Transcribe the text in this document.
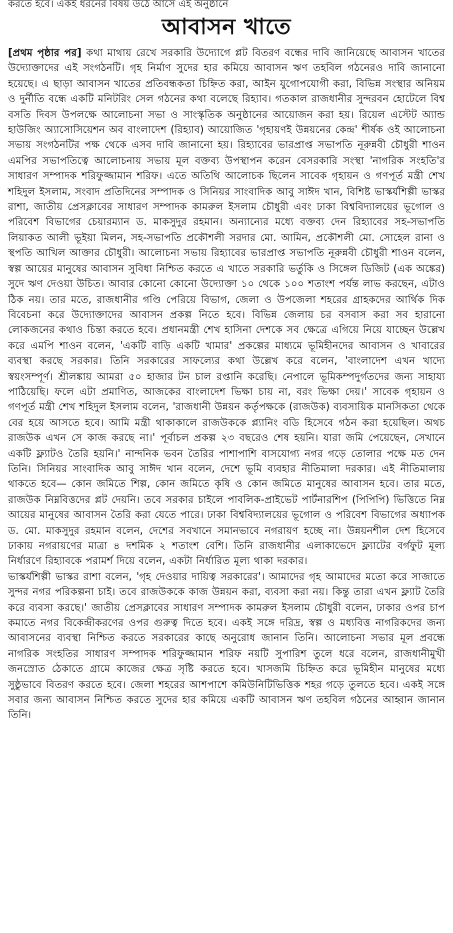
করতে হবে। একই ধরনের বিষয় উঠে আসে এই অনুষ্ঠানে
আবাসন খাতে

[প্রথম পৃষ্ঠার পর] কথা মাথায় রেখে সরকারি উদ্যোগে প্লট বিতরণ বন্ধের দাবি জানিয়েছে আবাসন খাতের উদ্যোক্তাদের এই সংগঠনটি। গৃহ নির্মাণ সুদের হার কমিয়ে আবাসন ঋণ তহবিল গঠনেরও দাবি জানানো হয়েছে। এ ছাড়া আবাসন খাতের প্রতিবন্ধকতা চিহ্নিত করা, আইন যুগোপযোগী করা, বিভিন্ন সংস্থার অনিয়ম ও দুর্নীতি বন্ধে একটি মনিটরিং সেল গঠনের কথা বলেছে রিহ্যাব। গতকাল রাজধানীর সুন্দরবন হোটেলে বিশ্ব বসতি দিবস উপলক্ষে আলোচনা সভা ও সাংস্কৃতিক অনুষ্ঠানের আয়োজন করা হয়। রিয়েল এস্টেট অ্যান্ড হাউজিং অ্যাসোসিয়েশন অব বাংলাদেশ (রিহ্যাব) আয়োজিত 'গৃহায়ণই উন্নয়নের কেন্দ্র' শীর্ষক ওই আলোচনা সভায় সংগঠনটির পক্ষ থেকে এসব দাবি জানানো হয়। রিহ্যাবের ভারপ্রাপ্ত সভাপতি নূরুন্নবী চৌধুরী শাওন এমপির সভাপতিত্বে আলোচনায় সভায় মূল বক্তব্য উপস্থাপন করেন বেসরকারি সংস্থা 'নাগরিক সংহতি'র সাধারণ সম্পাদক শরিফুজ্জামান শরিফ। এতে অতিথি আলোচক ছিলেন সাবেক গৃহায়ন ও গণপূর্ত মন্ত্রী শেখ শহিদুল ইসলাম, সংবাদ প্রতিদিনের সম্পাদক ও সিনিয়র সাংবাদিক আবু সাঈদ খান, বিশিষ্ট ভাস্কর্যশিল্পী ভাস্কর রাশা, জাতীয় প্রেসক্লাবের সাধারণ সম্পাদক কামরুল ইসলাম চৌধুরী এবং ঢাকা বিশ্ববিদ্যালয়ের ভূগোল ও পরিবেশ বিভাগের চেয়ারম্যান ড. মাকসুদুর রহমান। অন্যান্যের মধ্যে বক্তব্য দেন রিহ্যাবের সহ-সভাপতি লিয়াকত আলী ভূইয়া মিলন, সহ-সভাপতি প্রকৌশলী সরদার মো. আমিন, প্রকৌশলী মো. সোহেল রানা ও স্থপতি আখিল আক্তার চৌধুরী। আলোচনা সভায় রিহ্যাবের ভারপ্রাপ্ত সভাপতি নূরুন্নবী চৌধুরী শাওন বলেন, স্বল্প আয়ের মানুষের আবাসন সুবিধা নিশ্চিত করতে এ খাতে সরকারি ভর্তুকি ও সিঙ্গেল ডিজিট (এক অঙ্কের) সুদে ঋণ দেওয়া উচিত। আবার কোনো কোনো উদ্যোক্তা ১০ থেকে ১০০ শতাংশ পর্যন্ত লাভ করছেন, এটাও ঠিক নয়। তার মতে, রাজধানীর গণ্ডি পেরিয়ে বিভাগ, জেলা ও উপজেলা শহরের গ্রাহকদের আর্থিক দিক বিবেচনা করে উদ্যোক্তাদের আবাসন প্রকল্প নিতে হবে। বিভিন্ন জেলায় চর বসবাস করা সব হারানো লোকজনের কথাও চিন্তা করতে হবে। প্রধানমন্ত্রী শেখ হাসিনা দেশকে সব ক্ষেত্রে এগিয়ে নিয়ে যাচ্ছেন উল্লেখ করে এমপি শাওন বলেন, 'একটি বাড়ি একটি খামার' প্রকল্পের মাধ্যমে ভূমিহীনদের আবাসন ও খাবারের ব্যবস্থা করছে সরকার। তিনি সরকারের সাফল্যের কথা উল্লেখ করে বলেন, 'বাংলাদেশ এখন খাদ্যে স্বয়ংসম্পূর্ণ। শ্রীলঙ্কায় আমরা ৫০ হাজার টন চাল রপ্তানি করেছি। নেপালে ভূমিকম্পদুর্গতদের জন্য সাহায্য পাঠিয়েছি। ফলে এটা প্রমাণিত, আজকের বাংলাদেশ ভিক্ষা চায় না, বরং ভিক্ষা দেয়।' সাবেক গৃহায়ন ও গণপূর্ত মন্ত্রী শেখ শহিদুল ইসলাম বলেন, 'রাজধানী উন্নয়ন কর্তৃপক্ষকে (রাজউক) ব্যবসায়িক মানসিকতা থেকে বের হয়ে আসতে হবে। আমি মন্ত্রী থাকাকালে রাজউককে প্ল্যানিং বডি হিসেবে গঠন করা হয়েছিল। অথচ রাজউক এখন সে কাজ করছে না।' পূর্বাচল প্রকল্প ২৩ বছরেও শেষ হয়নি। যারা জমি পেয়েছেন, সেখানে একটি ফ্ল্যাটও তৈরি হয়নি।' নান্দনিক ভবন তৈরির পাশাপাশি বাসযোগ্য নগর গড়ে তোলার পক্ষে মত দেন তিনি। সিনিয়র সাংবাদিক আবু সাঈদ খান বলেন, দেশে ভূমি ব্যবহার নীতিমালা দরকার। এই নীতিমালায় থাকতে হবে— কোন জমিতে শিল্প, কোন জমিতে কৃষি ও কোন জমিতে মানুষের আবাসন হবে। তার মতে, রাজউক নিম্নবিত্তদের প্লট দেয়নি। তবে সরকার চাইলে পাবলিক-প্রাইভেট পার্টনারশিপ (পিপিপি) ভিত্তিতে নিম্ন আয়ের মানুষের আবাসন তৈরি করা যেতে পারে। ঢাকা বিশ্ববিদ্যালয়ের ভূগোল ও পরিবেশ বিভাগের অধ্যাপক ড. মো. মাকসুদুর রহমান বলেন, দেশের সবখানে সমানভাবে নগরায়ণ হচ্ছে না। উন্নয়নশীল দেশ হিসেবে ঢাকায় নগরায়ণের মাত্রা ৪ দশমিক ২ শতাংশ বেশি। তিনি রাজধানীর এলাকাভেদে ফ্ল্যাটের বর্গফুট মূল্য নির্ধারণে রিহ্যাবকে পরামর্শ দিয়ে বলেন, একটা নির্ধারিত মূল্য থাকা দরকার।

ভাস্কর্যশিল্পী ভাস্কর রাশা বলেন, 'গৃহ দেওয়ার দায়িত্ব সরকারের'। আমাদের গৃহ আমাদের মতো করে সাজাতে সুন্দর নগর পরিকল্পনা চাই। তবে রাজউককে কাজ উন্নয়ন করা, ব্যবসা করা নয়। কিন্তু তারা এখন ফ্ল্যাট তৈরি করে ব্যবসা করছে।' জাতীয় প্রেসক্লাবের সাধারণ সম্পাদক কামরুল ইসলাম চৌধুরী বলেন, ঢাকার ওপর চাপ কমাতে নগর বিকেন্দ্রীকরণের ওপর গুরুত্ব দিতে হবে। একই সঙ্গে দরিদ্র, স্বল্প ও মধ্যবিত্ত নাগরিকদের জন্য আবাসনের ব্যবস্থা নিশ্চিত করতে সরকারের কাছে অনুরোধ জানান তিনি। আলোচনা সভার মূল প্রবন্ধে নাগরিক সংহতির সাধারণ সম্পাদক শরিফুজ্জামান শরিফ নয়টি সুপারিশ তুলে ধরে বলেন, রাজধানীমুখী জনস্রোত ঠেকাতে গ্রামে কাজের ক্ষেত্র সৃষ্টি করতে হবে। খাসজমি চিহ্নিত করে ভূমিহীন মানুষের মধ্যে সুষ্ঠুভাবে বিতরণ করতে হবে। জেলা শহরের আশপাশে কমিউনিটিভিত্তিক শহর গড়ে তুলতে হবে। একই সঙ্গে সবার জন্য আবাসন নিশ্চিত করতে সুদের হার কমিয়ে একটি আবাসন ঋণ তহবিল গঠনের আহ্বান জানান তিনি।
